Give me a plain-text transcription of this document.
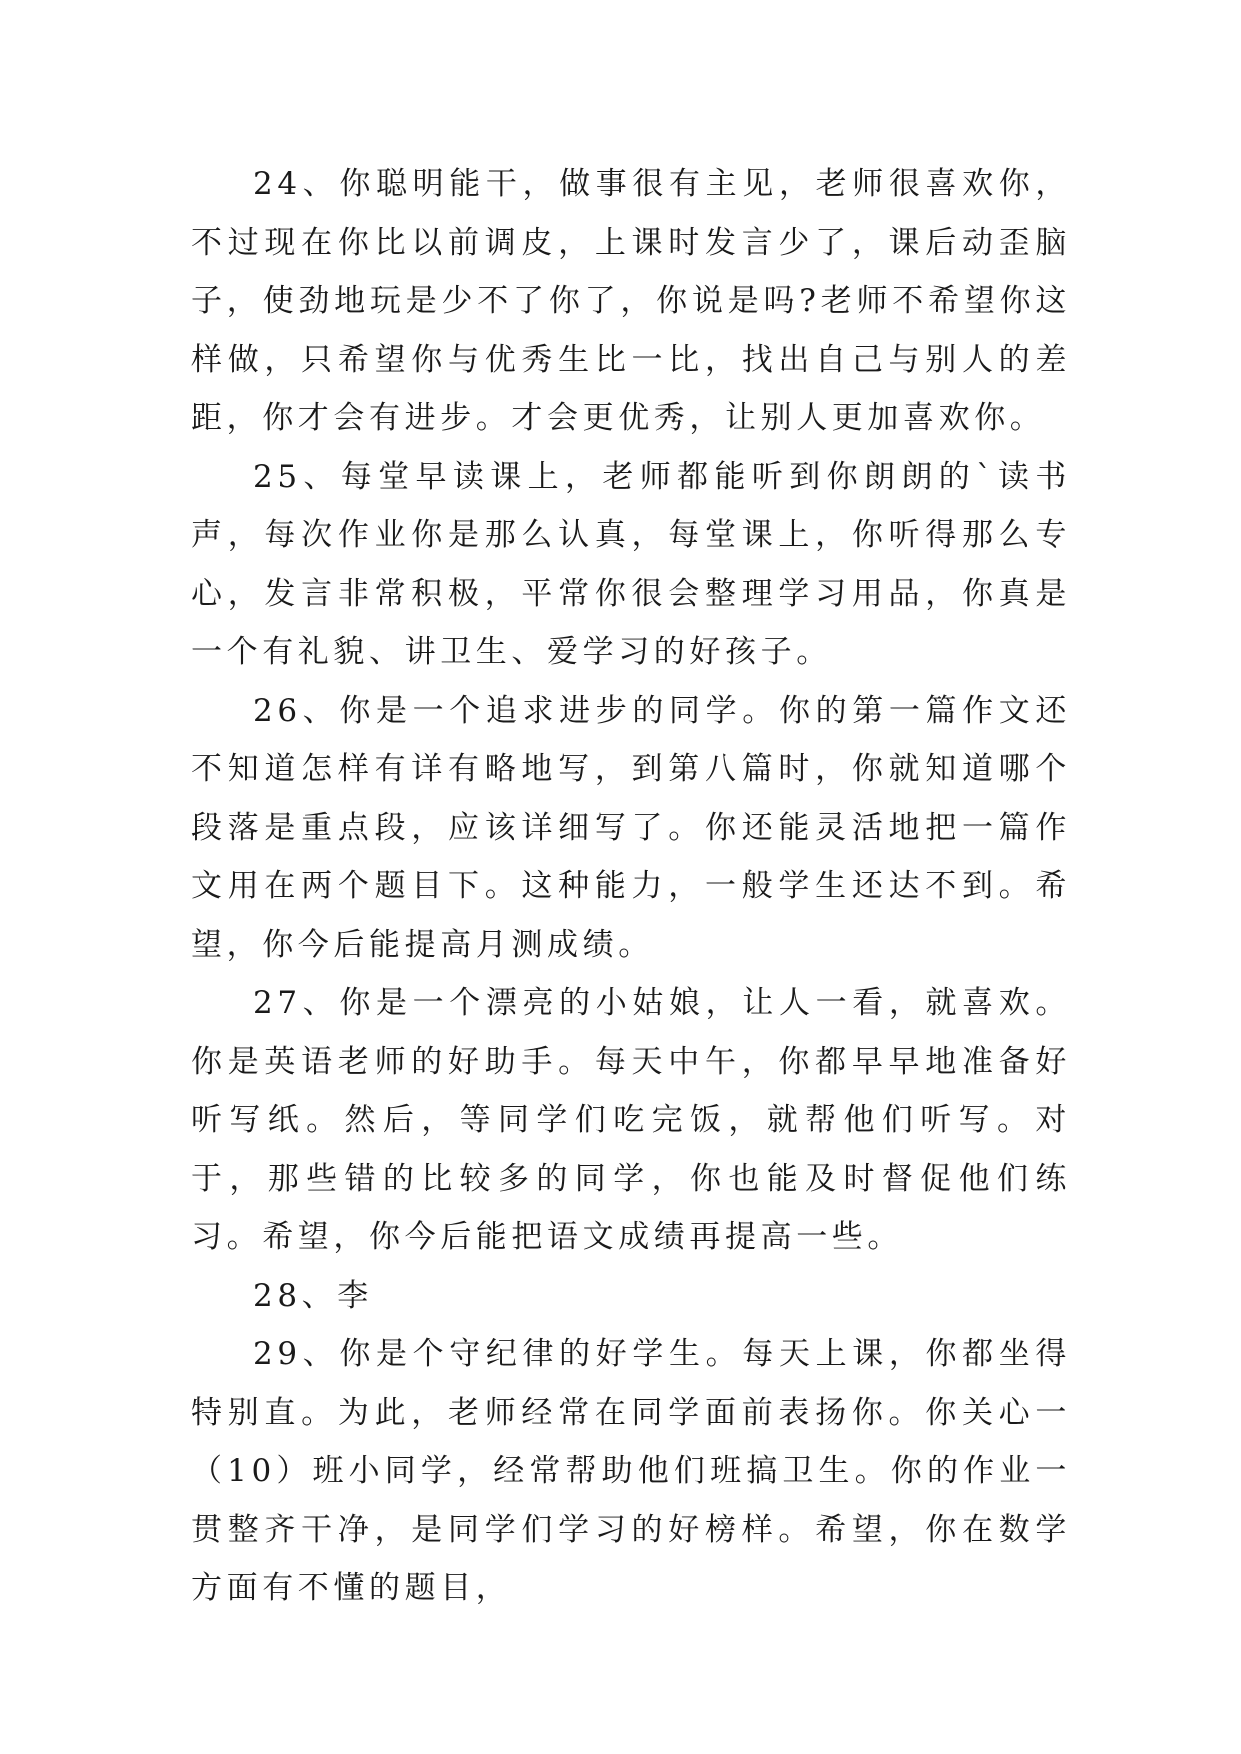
24、你聪明能干，做事很有主见，老师很喜欢你，不过现在你比以前调皮，上课时发言少了，课后动歪脑子，使劲地玩是少不了你了，你说是吗?老师不希望你这样做，只希望你与优秀生比一比，找出自己与别人的差距，你才会有进步。才会更优秀，让别人更加喜欢你。

25、每堂早读课上，老师都能听到你朗朗的`读书声，每次作业你是那么认真，每堂课上，你听得那么专心，发言非常积极，平常你很会整理学习用品，你真是一个有礼貌、讲卫生、爱学习的好孩子。

26、你是一个追求进步的同学。你的第一篇作文还不知道怎样有详有略地写，到第八篇时，你就知道哪个段落是重点段，应该详细写了。你还能灵活地把一篇作文用在两个题目下。这种能力，一般学生还达不到。希望，你今后能提高月测成绩。

27、你是一个漂亮的小姑娘，让人一看，就喜欢。你是英语老师的好助手。每天中午，你都早早地准备好听写纸。然后，等同学们吃完饭，就帮他们听写。对于，那些错的比较多的同学，你也能及时督促他们练习。希望，你今后能把语文成绩再提高一些。

28、李

29、你是个守纪律的好学生。每天上课，你都坐得特别直。为此，老师经常在同学面前表扬你。你关心一（10）班小同学，经常帮助他们班搞卫生。你的作业一贯整齐干净，是同学们学习的好榜样。希望，你在数学方面有不懂的题目，
